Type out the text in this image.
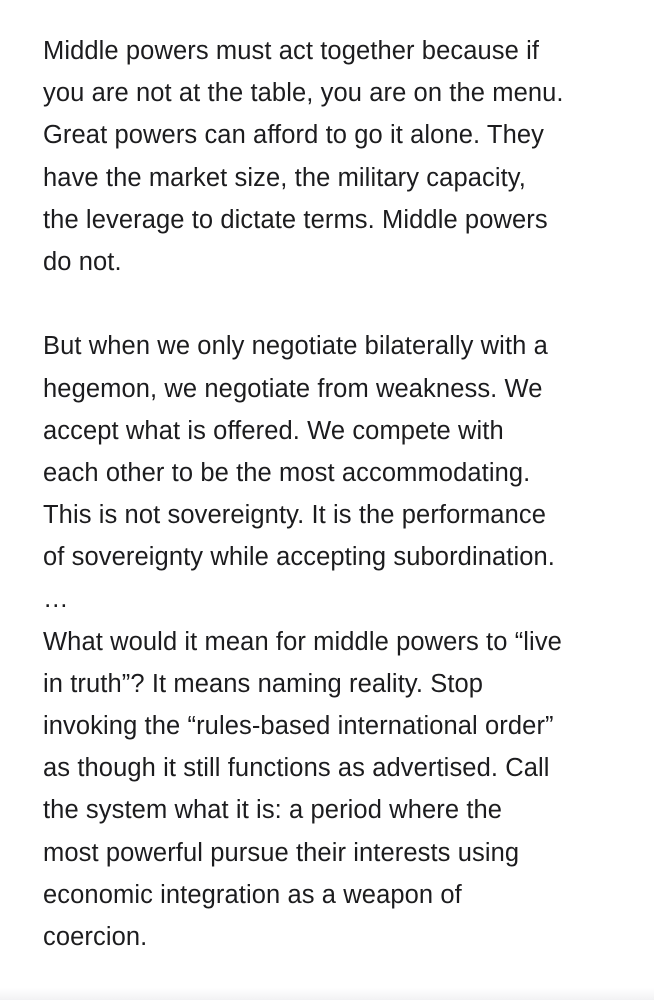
Middle powers must act together because if
you are not at the table, you are on the menu.
Great powers can afford to go it alone. They
have the market size, the military capacity,
the leverage to dictate terms. Middle powers
do not.
But when we only negotiate bilaterally with a
hegemon, we negotiate from weakness. We
accept what is offered. We compete with
each other to be the most accommodating.
This is not sovereignty. It is the performance
of sovereignty while accepting subordination.
…
What would it mean for middle powers to “live
in truth”? It means naming reality. Stop
invoking the “rules-based international order”
as though it still functions as advertised. Call
the system what it is: a period where the
most powerful pursue their interests using
economic integration as a weapon of
coercion.
